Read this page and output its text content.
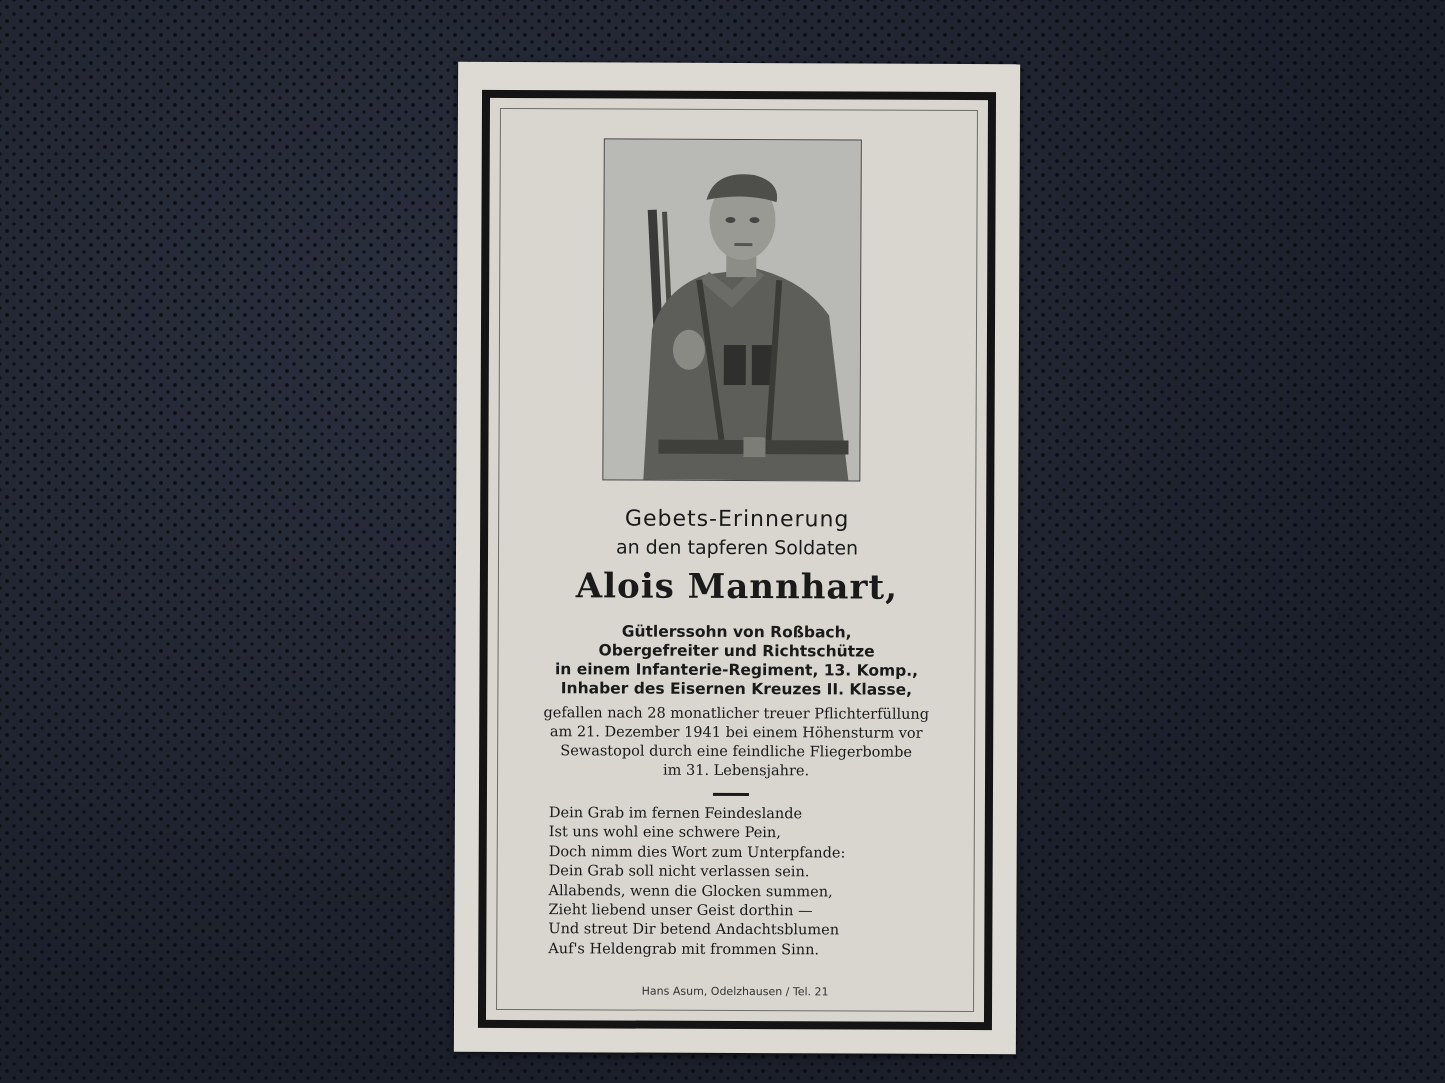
Gebets-Erinnerung
an den tapferen Soldaten
Alois Mannhart,
Gütlerssohn von Roßbach,
Obergefreiter und Richtschütze
in einem Infanterie-Regiment, 13. Komp.,
Inhaber des Eisernen Kreuzes II. Klasse,
gefallen nach 28 monatlicher treuer Pflichterfüllung
am 21. Dezember 1941 bei einem Höhensturm vor
Sewastopol durch eine feindliche Fliegerbombe
im 31. Lebensjahre.
Dein Grab im fernen Feindeslande
Ist uns wohl eine schwere Pein,
Doch nimm dies Wort zum Unterpfande:
Dein Grab soll nicht verlassen sein.
Allabends, wenn die Glocken summen,
Zieht liebend unser Geist dorthin —
Und streut Dir betend Andachtsblumen
Auf's Heldengrab mit frommen Sinn.
Hans Asum, Odelzhausen / Tel. 21
